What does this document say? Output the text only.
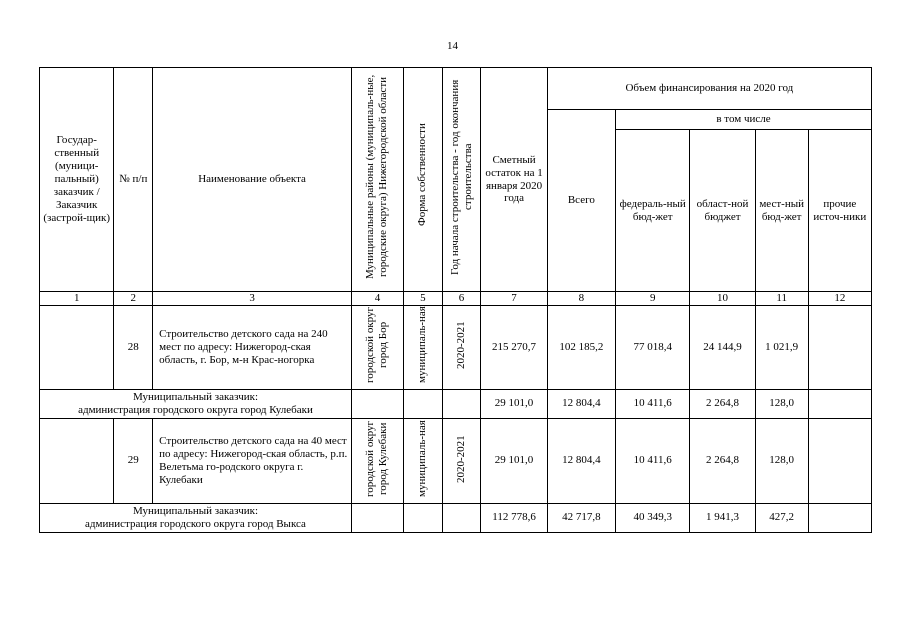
14
Государ-ственный (муници-пальный) заказчик / Заказчик (застрой-щик)	№ п/п	Наименование объекта	Муниципальные районы (муниципаль-ные, городские округа) Нижегородской области	Форма собственности	Год начала строительства - год окончания строительства	Сметный остаток на 1 января 2020 года	Объем финансирования на 2020 год				
							Всего	в том числе			
								федераль-ный бюд-жет	област-ной бюджет	мест-ный бюд-жет	прочие источ-ники
1	2	3	4	5	6	7	8	9	10	11	12
	28	Строительство детского сада на 240 мест по адресу: Нижегород-ская область, г. Бор, м-н Крас-ногорка	городской округ город Бор	муниципаль-ная	2020-2021	215 270,7	102 185,2	77 018,4	24 144,9	1 021,9	

Муниципальный заказчик:
администрация городского округа город Кулебаки						29 101,0	12 804,4	10 411,6	2 264,8	128,0	
	29	Строительство детского сада на 40 мест по адресу: Нижегород-ская область, р.п. Велетьма го-родского округа г. Кулебаки	городской округ город Кулебаки	муниципаль-ная	2020-2021	29 101,0	12 804,4	10 411,6	2 264,8	128,0	

Муниципальный заказчик:
администрация городского округа город Выкса						112 778,6	42 717,8	40 349,3	1 941,3	427,2	
